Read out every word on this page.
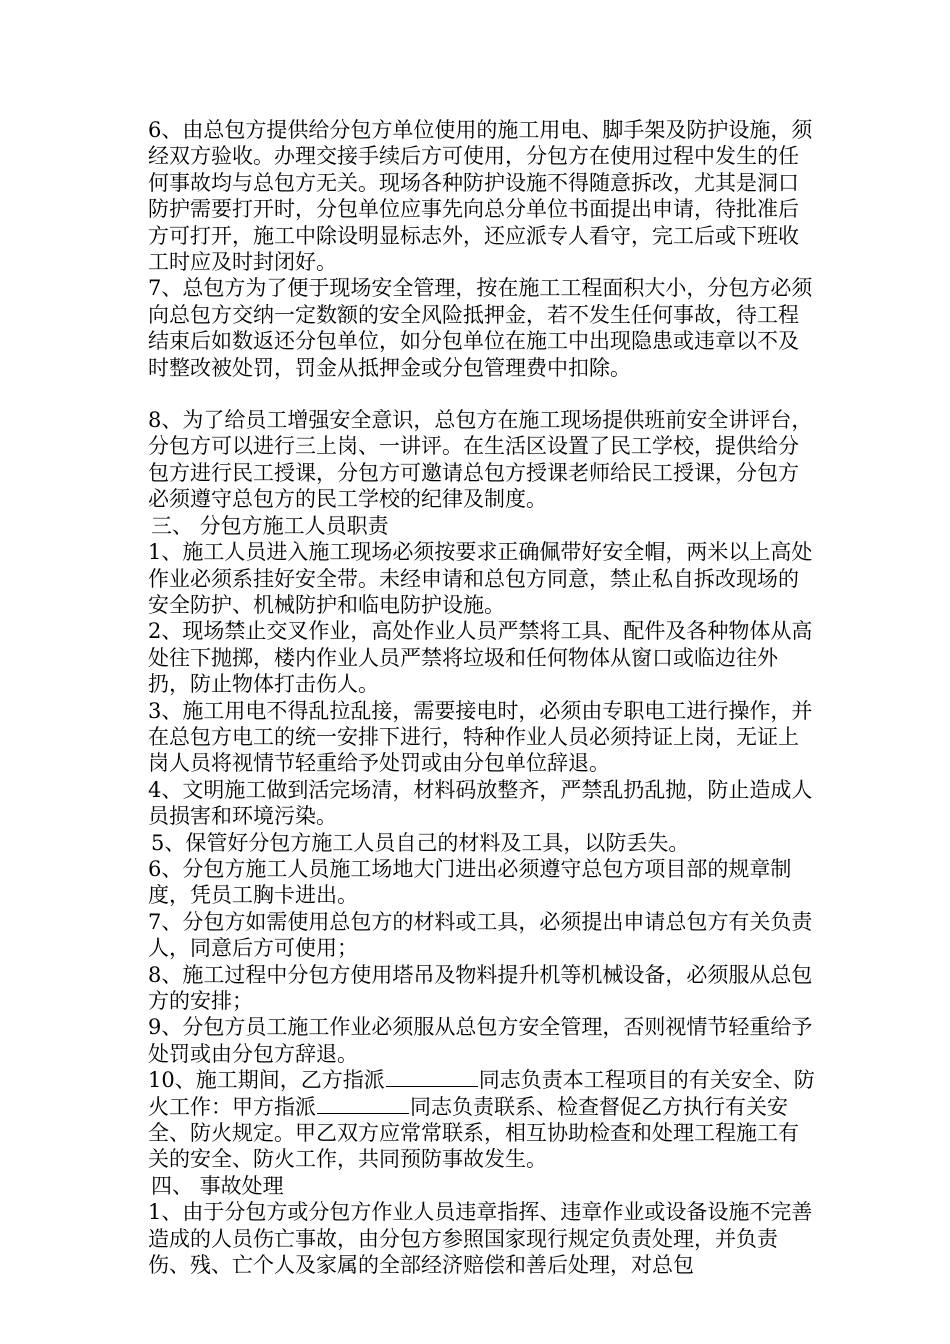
6、由总包方提供给分包方单位使用的施工用电、脚手架及防护设施，须经双方验收。办理交接手续后方可使用，分包方在使用过程中发生的任何事故均与总包方无关。现场各种防护设施不得随意拆改，尤其是洞口防护需要打开时，分包单位应事先向总分单位书面提出申请，待批准后方可打开，施工中除设明显标志外，还应派专人看守，完工后或下班收工时应及时封闭好。

7、总包方为了便于现场安全管理，按在施工工程面积大小，分包方必须向总包方交纳一定数额的安全风险抵押金，若不发生任何事故，待工程结束后如数返还分包单位，如分包单位在施工中出现隐患或违章以不及时整改被处罚，罚金从抵押金或分包管理费中扣除。

8、为了给员工增强安全意识，总包方在施工现场提供班前安全讲评台，分包方可以进行三上岗、一讲评。在生活区设置了民工学校，提供给分包方进行民工授课，分包方可邀请总包方授课老师给民工授课，分包方必须遵守总包方的民工学校的纪律及制度。

三、 分包方施工人员职责

1、施工人员进入施工现场必须按要求正确佩带好安全帽，两米以上高处作业必须系挂好安全带。未经申请和总包方同意，禁止私自拆改现场的安全防护、机械防护和临电防护设施。

2、现场禁止交叉作业，高处作业人员严禁将工具、配件及各种物体从高处往下抛掷，楼内作业人员严禁将垃圾和任何物体从窗口或临边往外扔，防止物体打击伤人。

3、施工用电不得乱拉乱接，需要接电时，必须由专职电工进行操作，并在总包方电工的统一安排下进行，特种作业人员必须持证上岗，无证上岗人员将视情节轻重给予处罚或由分包单位辞退。

4、文明施工做到活完场清，材料码放整齐，严禁乱扔乱抛，防止造成人员损害和环境污染。

5、保管好分包方施工人员自己的材料及工具，以防丢失。

6、分包方施工人员施工场地大门进出必须遵守总包方项目部的规章制度，凭员工胸卡进出。

7、分包方如需使用总包方的材料或工具，必须提出申请总包方有关负责人，同意后方可使用；

8、施工过程中分包方使用塔吊及物料提升机等机械设备，必须服从总包方的安排；

9、分包方员工施工作业必须服从总包方安全管理，否则视情节轻重给予处罚或由分包方辞退。

10、施工期间，乙方指派	同志负责本工程项目的有关安全、防火工作：甲方指派	同志负责联系、检查督促乙方执行有关安全、防火规定。甲乙双方应常常联系，相互协助检查和处理工程施工有关的安全、防火工作，共同预防事故发生。

四、 事故处理

1、由于分包方或分包方作业人员违章指挥、违章作业或设备设施不完善造成的人员伤亡事故，由分包方参照国家现行规定负责处理，并负责伤、残、亡个人及家属的全部经济赔偿和善后处理，对总包
